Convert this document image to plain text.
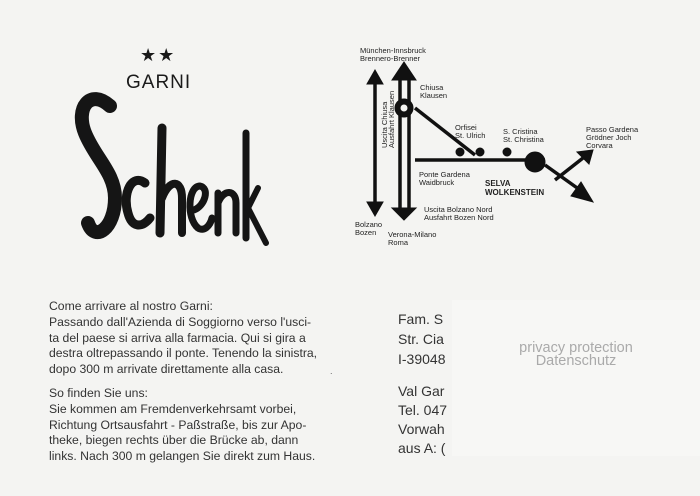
★★
GARNI
München-Innsbruck
Brennero-Brenner
Chiusa
Klausen
Uscita Chiusa
Ausfahrt Klausen	Orfisei
St. Ulrich S. Cristina
St. Christina
Passo Gardena
Grödner Joch
Corvara
Ponte Gardena
Waidbruck	SELVA
WOLKENSTEIN
Uscita Bolzano Nord
Ausfahrt Bozen Nord
Bolzano
Bozen Verona-Milano
Roma

Come arrivare al nostro Garni:

Passando dall'Azienda di Soggiorno verso l'usci-

ta del paese si arriva alla farmacia. Qui si gira a

destra oltrepassando il ponte. Tenendo la sinistra,

dopo 300 m arrivate direttamente alla casa.	.

So finden Sie uns:

Sie kommen am Fremdenverkehrsamt vorbei,

Richtung Ortsausfahrt - Paßstraße, bis zur Apo-

theke, biegen rechts über die Brücke ab, dann

links. Nach 300 m gelangen Sie direkt zum Haus.

Fam. S
Str. Cia
I-39048
Val Gar
Tel. 047
Vorwah
aus A: (
privacy protection
Datenschutz
